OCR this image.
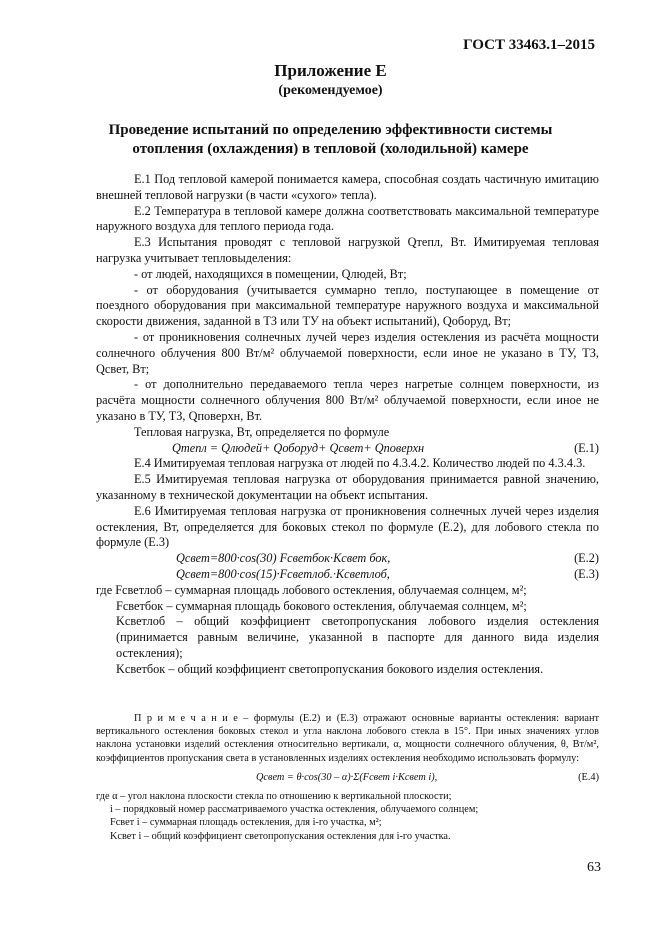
ГОСТ 33463.1–2015
Приложение Е
(рекомендуемое)
Проведение испытаний по определению эффективности системы
отопления (охлаждения) в тепловой (холодильной) камере

Е.1 Под тепловой камерой понимается камера, способная создать частичную имитацию внешней тепловой нагрузки (в части «сухого» тепла).

Е.2 Температура в тепловой камере должна соответствовать максимальной температуре наружного воздуха для теплого периода года.

Е.3 Испытания проводят с тепловой нагрузкой Qтепл, Вт. Имитируемая тепловая нагрузка учитывает тепловыделения:

- от людей, находящихся в помещении, Qлюдей, Вт;

- от оборудования (учитывается суммарно тепло, поступающее в помещение от поездного оборудования при максимальной температуре наружного воздуха и максимальной скорости движения, заданной в ТЗ или ТУ на объект испытаний), Qоборуд, Вт;

- от проникновения солнечных лучей через изделия остекления из расчёта мощности солнечного облучения 800 Вт/м² облучаемой поверхности, если иное не указано в ТУ, ТЗ, Qсвет, Вт;

- от дополнительно передаваемого тепла через нагретые солнцем поверхности, из расчёта мощности солнечного облучения 800 Вт/м² облучаемой поверхности, если иное не указано в ТУ, ТЗ, Qповерхн, Вт.

Тепловая нагрузка, Вт, определяется по формуле

Qтепл = Qлюдей+ Qоборуд+ Qсвет+ Qповерхн	(Е.1)

Е.4 Имитируемая тепловая нагрузка от людей по 4.3.4.2. Количество людей по 4.3.4.3.

Е.5 Имитируемая тепловая нагрузка от оборудования принимается равной значению, указанному в технической документации на объект испытания.

Е.6 Имитируемая тепловая нагрузка от проникновения солнечных лучей через изделия остекления, Вт, определяется для боковых стекол по формуле (Е.2), для лобового стекла по формуле (Е.3)

Qсвет=800·cos(30) Fсветбок·Kсвет бок,	(Е.2)

Qсвет=800·cos(15)·Fсветлоб.·Kсветлоб,	(Е.3)

где Fсветлоб – суммарная площадь лобового остекления, облучаемая солнцем, м²;

Fсветбок – суммарная площадь бокового остекления, облучаемая солнцем, м²;

Kсветлоб – общий коэффициент светопропускания лобового изделия остекления (принимается равным величине, указанной в паспорте для данного вида изделия остекления);

Kсветбок – общий коэффициент светопропускания бокового изделия остекления.

П р и м е ч а н и е – формулы (Е.2) и (Е.3) отражают основные варианты остекления: вариант вертикального остекления боковых стекол и угла наклона лобового стекла в 15°. При иных значениях углов наклона установки изделий остекления относительно вертикали, α, мощности солнечного облучения, θ, Вт/м², коэффициентов пропускания света в установленных изделиях остекления необходимо использовать формулу:

Qсвет = θ·cos(30 – α)·Σ(Fсвет i·Kсвет i),	(Е.4)

где α – угол наклона плоскости стекла по отношению к вертикальной плоскости;

i – порядковый номер рассматриваемого участка остекления, облучаемого солнцем;

Fсвет i – суммарная площадь остекления, для i-го участка, м²;

Kсвет i – общий коэффициент светопропускания остекления для i-го участка.

63
